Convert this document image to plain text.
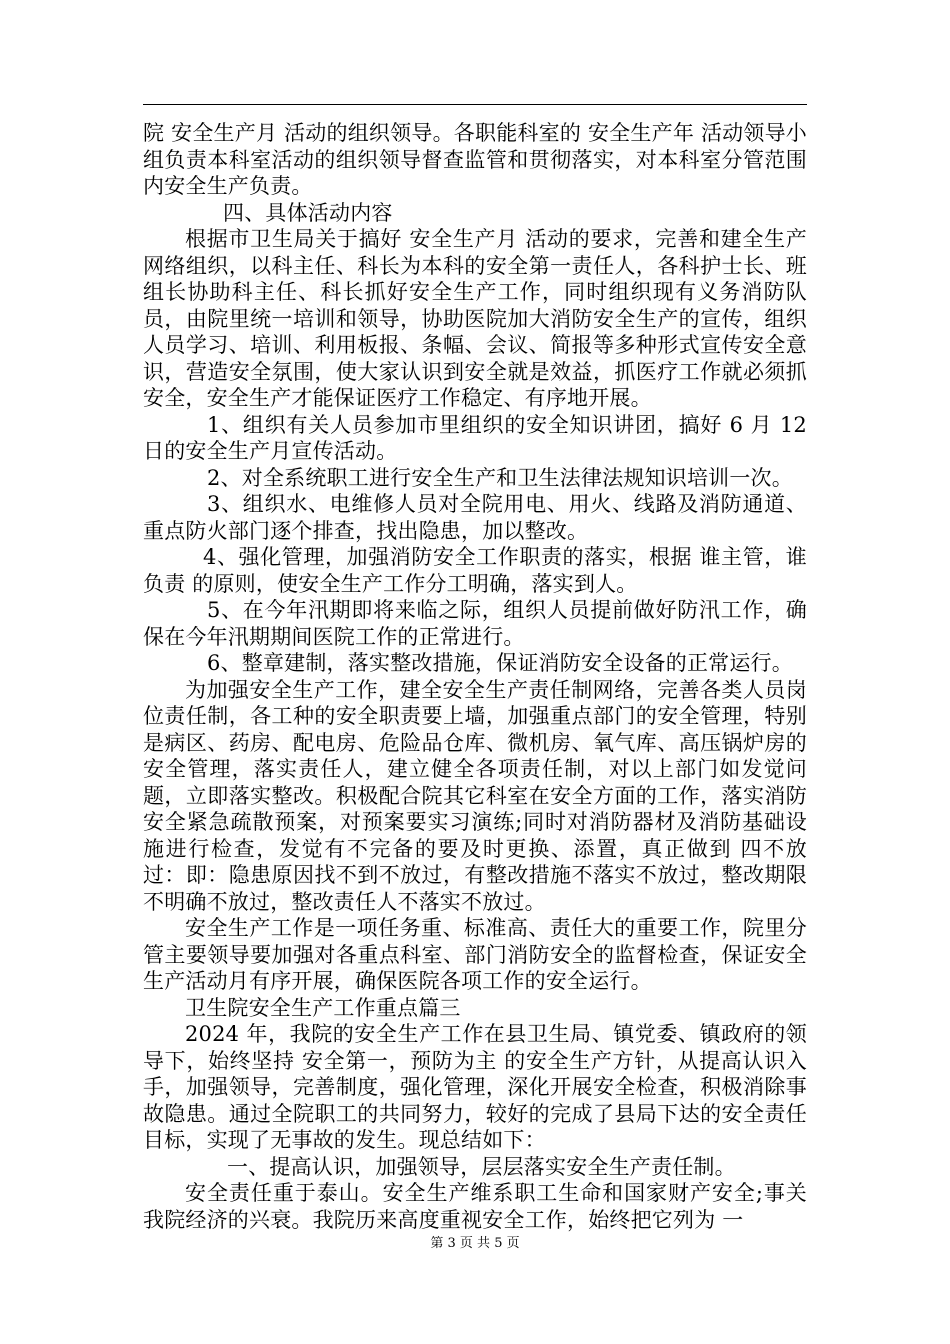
院 安全生产月 活动的组织领导。各职能科室的 安全生产年 活动领导小组负责本科室活动的组织领导督查监管和贯彻落实，对本科室分管范围内安全生产负责。

四、具体活动内容

根据市卫生局关于搞好 安全生产月 活动的要求，完善和建全生产网络组织，以科主任、科长为本科的安全第一责任人，各科护士长、班组长协助科主任、科长抓好安全生产工作，同时组织现有义务消防队员，由院里统一培训和领导，协助医院加大消防安全生产的宣传，组织人员学习、培训、利用板报、条幅、会议、简报等多种形式宣传安全意识，营造安全氛围，使大家认识到安全就是效益，抓医疗工作就必须抓安全，安全生产才能保证医疗工作稳定、有序地开展。

1、组织有关人员参加市里组织的安全知识讲团，搞好 6 月 12 日的安全生产月宣传活动。

2、对全系统职工进行安全生产和卫生法律法规知识培训一次。

3、组织水、电维修人员对全院用电、用火、线路及消防通道、重点防火部门逐个排查，找出隐患，加以整改。

4、强化管理，加强消防安全工作职责的落实，根据 谁主管，谁负责 的原则，使安全生产工作分工明确，落实到人。

5、在今年汛期即将来临之际，组织人员提前做好防汛工作，确保在今年汛期期间医院工作的正常进行。

6、整章建制，落实整改措施，保证消防安全设备的正常运行。

为加强安全生产工作，建全安全生产责任制网络，完善各类人员岗位责任制，各工种的安全职责要上墙，加强重点部门的安全管理，特别是病区、药房、配电房、危险品仓库、微机房、氧气库、高压锅炉房的安全管理，落实责任人，建立健全各项责任制，对以上部门如发觉问题，立即落实整改。积极配合院其它科室在安全方面的工作，落实消防安全紧急疏散预案，对预案要实习演练;同时对消防器材及消防基础设施进行检查，发觉有不完备的要及时更换、添置，真正做到 四不放过：即：隐患原因找不到不放过，有整改措施不落实不放过，整改期限不明确不放过，整改责任人不落实不放过。

安全生产工作是一项任务重、标准高、责任大的重要工作，院里分管主要领导要加强对各重点科室、部门消防安全的监督检查，保证安全生产活动月有序开展，确保医院各项工作的安全运行。

卫生院安全生产工作重点篇三

2024 年，我院的安全生产工作在县卫生局、镇党委、镇政府的领导下，始终坚持 安全第一，预防为主 的安全生产方针，从提高认识入手，加强领导，完善制度，强化管理，深化开展安全检查，积极消除事故隐患。通过全院职工的共同努力，较好的完成了县局下达的安全责任目标，实现了无事故的发生。现总结如下：

一、提高认识，加强领导，层层落实安全生产责任制。

安全责任重于泰山。安全生产维系职工生命和国家财产安全;事关我院经济的兴衰。我院历来高度重视安全工作，始终把它列为 一

第 3 页 共 5 页
